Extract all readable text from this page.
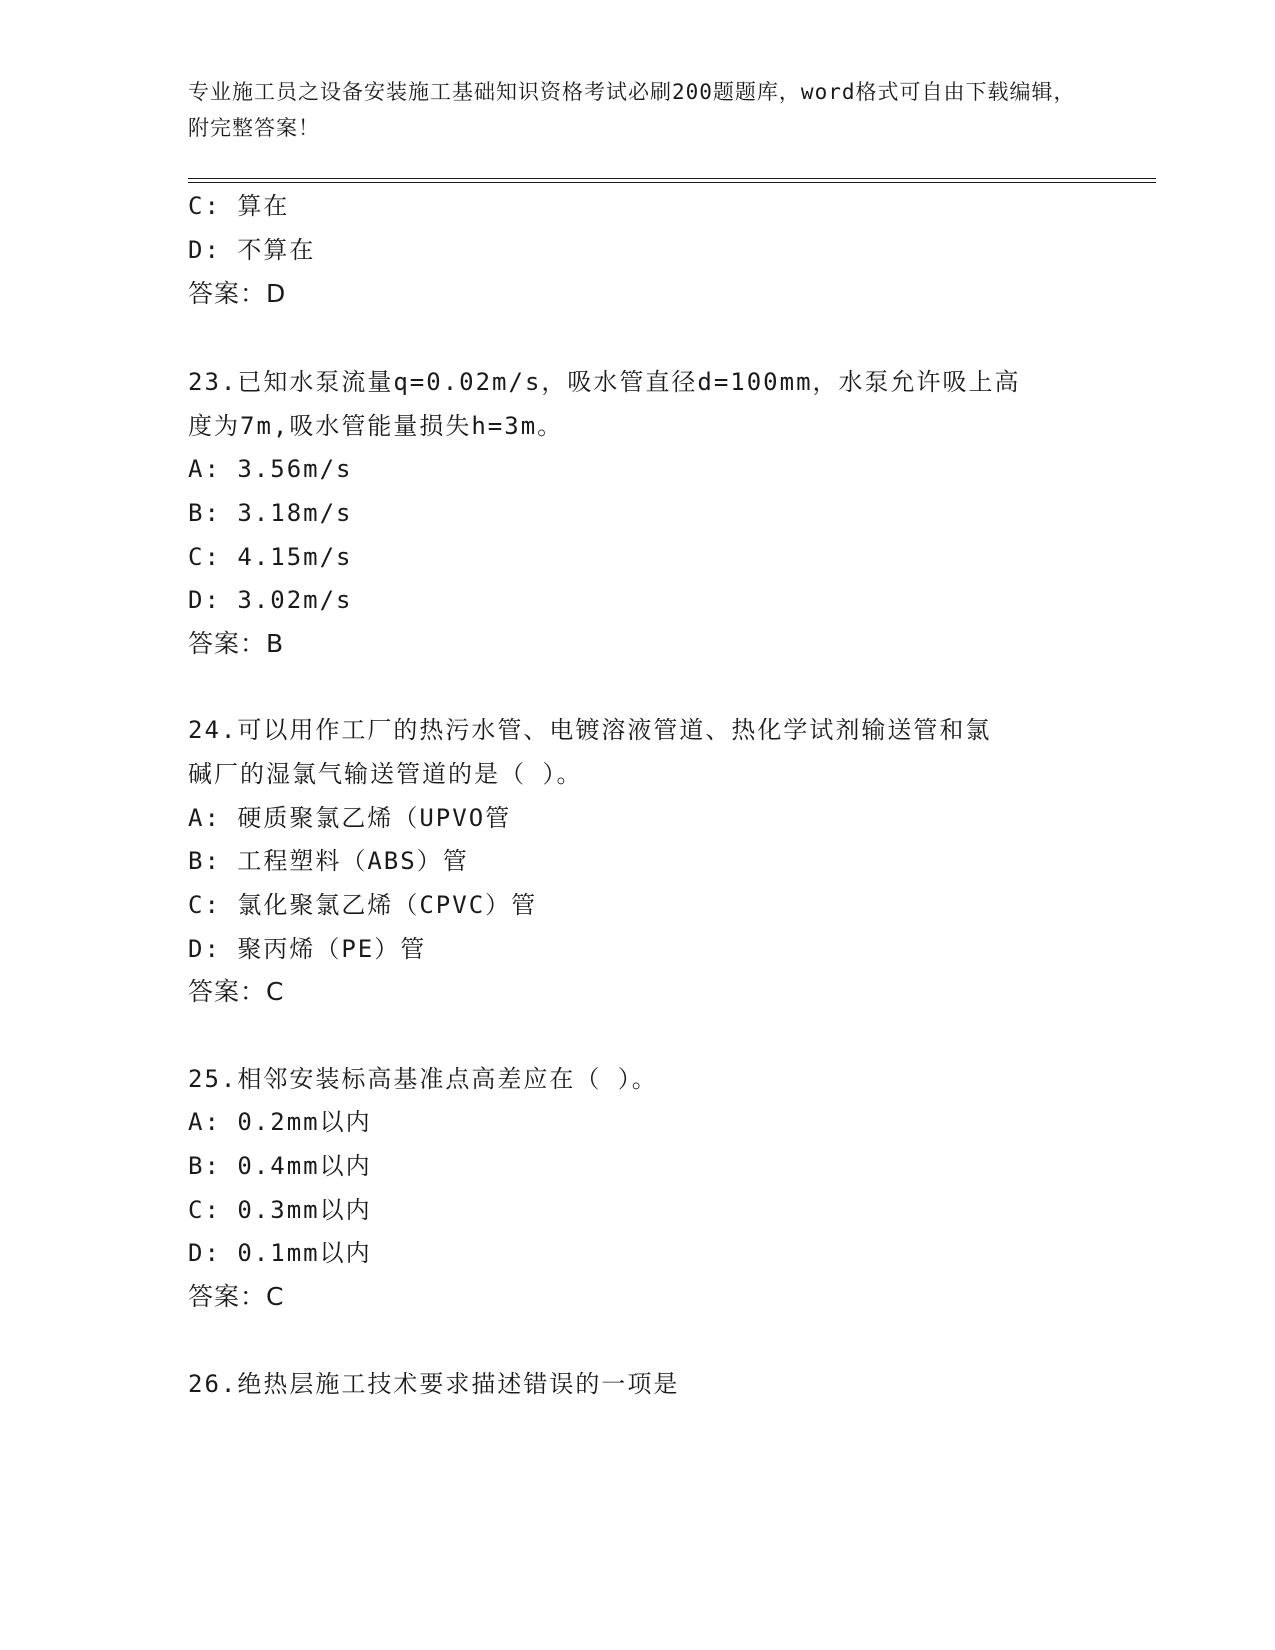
专业施工员之设备安装施工基础知识资格考试必刷200题题库，word格式可自由下载编辑，附完整答案！
C: 算在
D: 不算在
答案：D
23.已知水泵流量q=0.02m/s，吸水管直径d=100mm，水泵允许吸上高
度为7m,吸水管能量损失h=3m。
A: 3.56m/s
B: 3.18m/s
C: 4.15m/s
D: 3.02m/s
答案：B
24.可以用作工厂的热污水管、电镀溶液管道、热化学试剂输送管和氯
碱厂的湿氯气输送管道的是（ ）。
A: 硬质聚氯乙烯（UPVO管
B: 工程塑料（ABS）管
C: 氯化聚氯乙烯（CPVC）管
D: 聚丙烯（PE）管
答案：C
25.相邻安装标高基准点高差应在（ ）。
A: 0.2mm以内
B: 0.4mm以内
C: 0.3mm以内
D: 0.1mm以内
答案：C
26.绝热层施工技术要求描述错误的一项是
